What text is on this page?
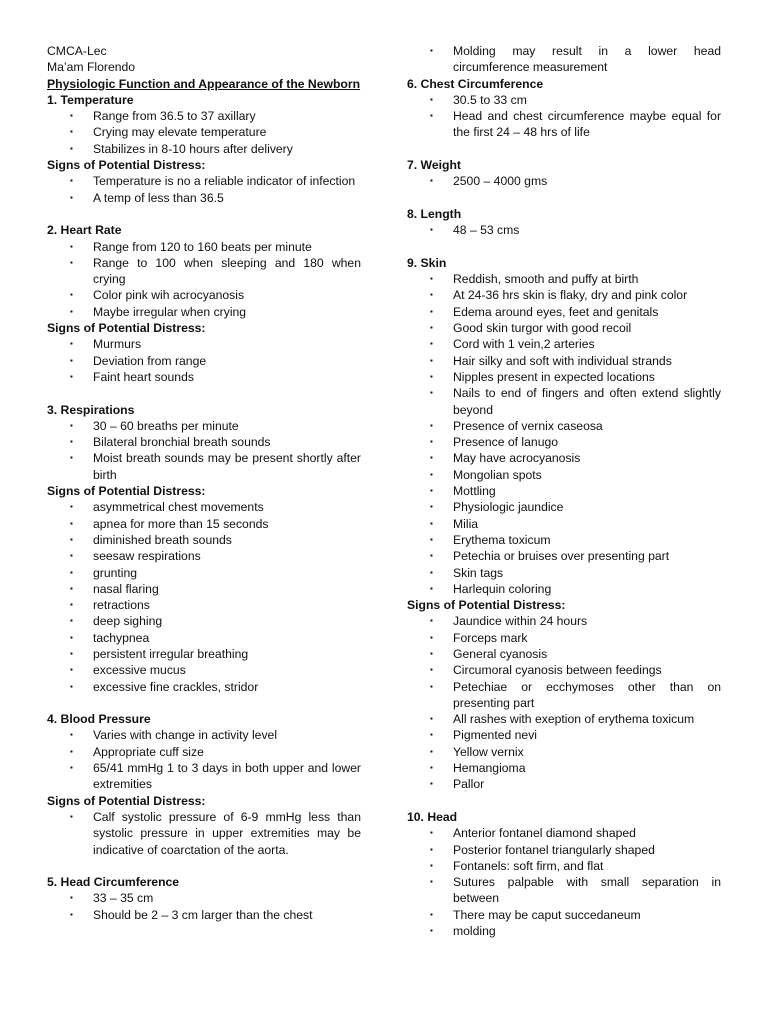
CMCA-Lec
Ma’am Florendo
Physiologic Function and Appearance of the Newborn
1. Temperature
▪ Range from 36.5 to 37 axillary
▪ Crying may elevate temperature
▪ Stabilizes in 8-10 hours after delivery
Signs of Potential Distress:
▪ Temperature is no a reliable indicator of infection
▪ A temp of less than 36.5
2. Heart Rate
▪ Range from 120 to 160 beats per minute
▪ Range to 100 when sleeping and 180 when crying
▪ Color pink wih acrocyanosis
▪ Maybe irregular when crying
Signs of Potential Distress:
▪ Murmurs
▪ Deviation from range
▪ Faint heart sounds
3. Respirations
▪ 30 – 60 breaths per minute
▪ Bilateral bronchial breath sounds
▪ Moist breath sounds may be present shortly after birth
Signs of Potential Distress:
▪ asymmetrical chest movements
▪ apnea for more than 15 seconds
▪ diminished breath sounds
▪ seesaw respirations
▪ grunting
▪ nasal flaring
▪ retractions
▪ deep sighing
▪ tachypnea
▪ persistent irregular breathing
▪ excessive mucus
▪ excessive fine crackles, stridor
4. Blood Pressure
▪ Varies with change in activity level
▪ Appropriate cuff size
▪ 65/41 mmHg 1 to 3 days in both upper and lower extremities
Signs of Potential Distress:
▪ Calf systolic pressure of 6-9 mmHg less than systolic pressure in upper extremities may be indicative of coarctation of the aorta.
5. Head Circumference
▪ 33 – 35 cm
▪ Should be 2 – 3 cm larger than the chest
▪ Molding may result in a lower head circumference measurement
6. Chest Circumference
▪ 30.5 to 33 cm
▪ Head and chest circumference maybe equal for the first 24 – 48 hrs of life
7. Weight
▪ 2500 – 4000 gms
8. Length
▪ 48 – 53 cms
9. Skin
▪ Reddish, smooth and puffy at birth
▪ At 24-36 hrs skin is flaky, dry and pink color
▪ Edema around eyes, feet and genitals
▪ Good skin turgor with good recoil
▪ Cord with 1 vein,2 arteries
▪ Hair silky and soft with individual strands
▪ Nipples present in expected locations
▪ Nails to end of fingers and often extend slightly beyond
▪ Presence of vernix caseosa
▪ Presence of lanugo
▪ May have acrocyanosis
▪ Mongolian spots
▪ Mottling
▪ Physiologic jaundice
▪ Milia
▪ Erythema toxicum
▪ Petechia or bruises over presenting part
▪ Skin tags
▪ Harlequin coloring
Signs of Potential Distress:
▪ Jaundice within 24 hours
▪ Forceps mark
▪ General cyanosis
▪ Circumoral cyanosis between feedings
▪ Petechiae or ecchymoses other than on presenting part
▪ All rashes with exeption of erythema toxicum
▪ Pigmented nevi
▪ Yellow vernix
▪ Hemangioma
▪ Pallor
10. Head
▪ Anterior fontanel diamond shaped
▪ Posterior fontanel triangularly shaped
▪ Fontanels: soft firm, and flat
▪ Sutures palpable with small separation in between
▪ There may be caput succedaneum
▪ molding
